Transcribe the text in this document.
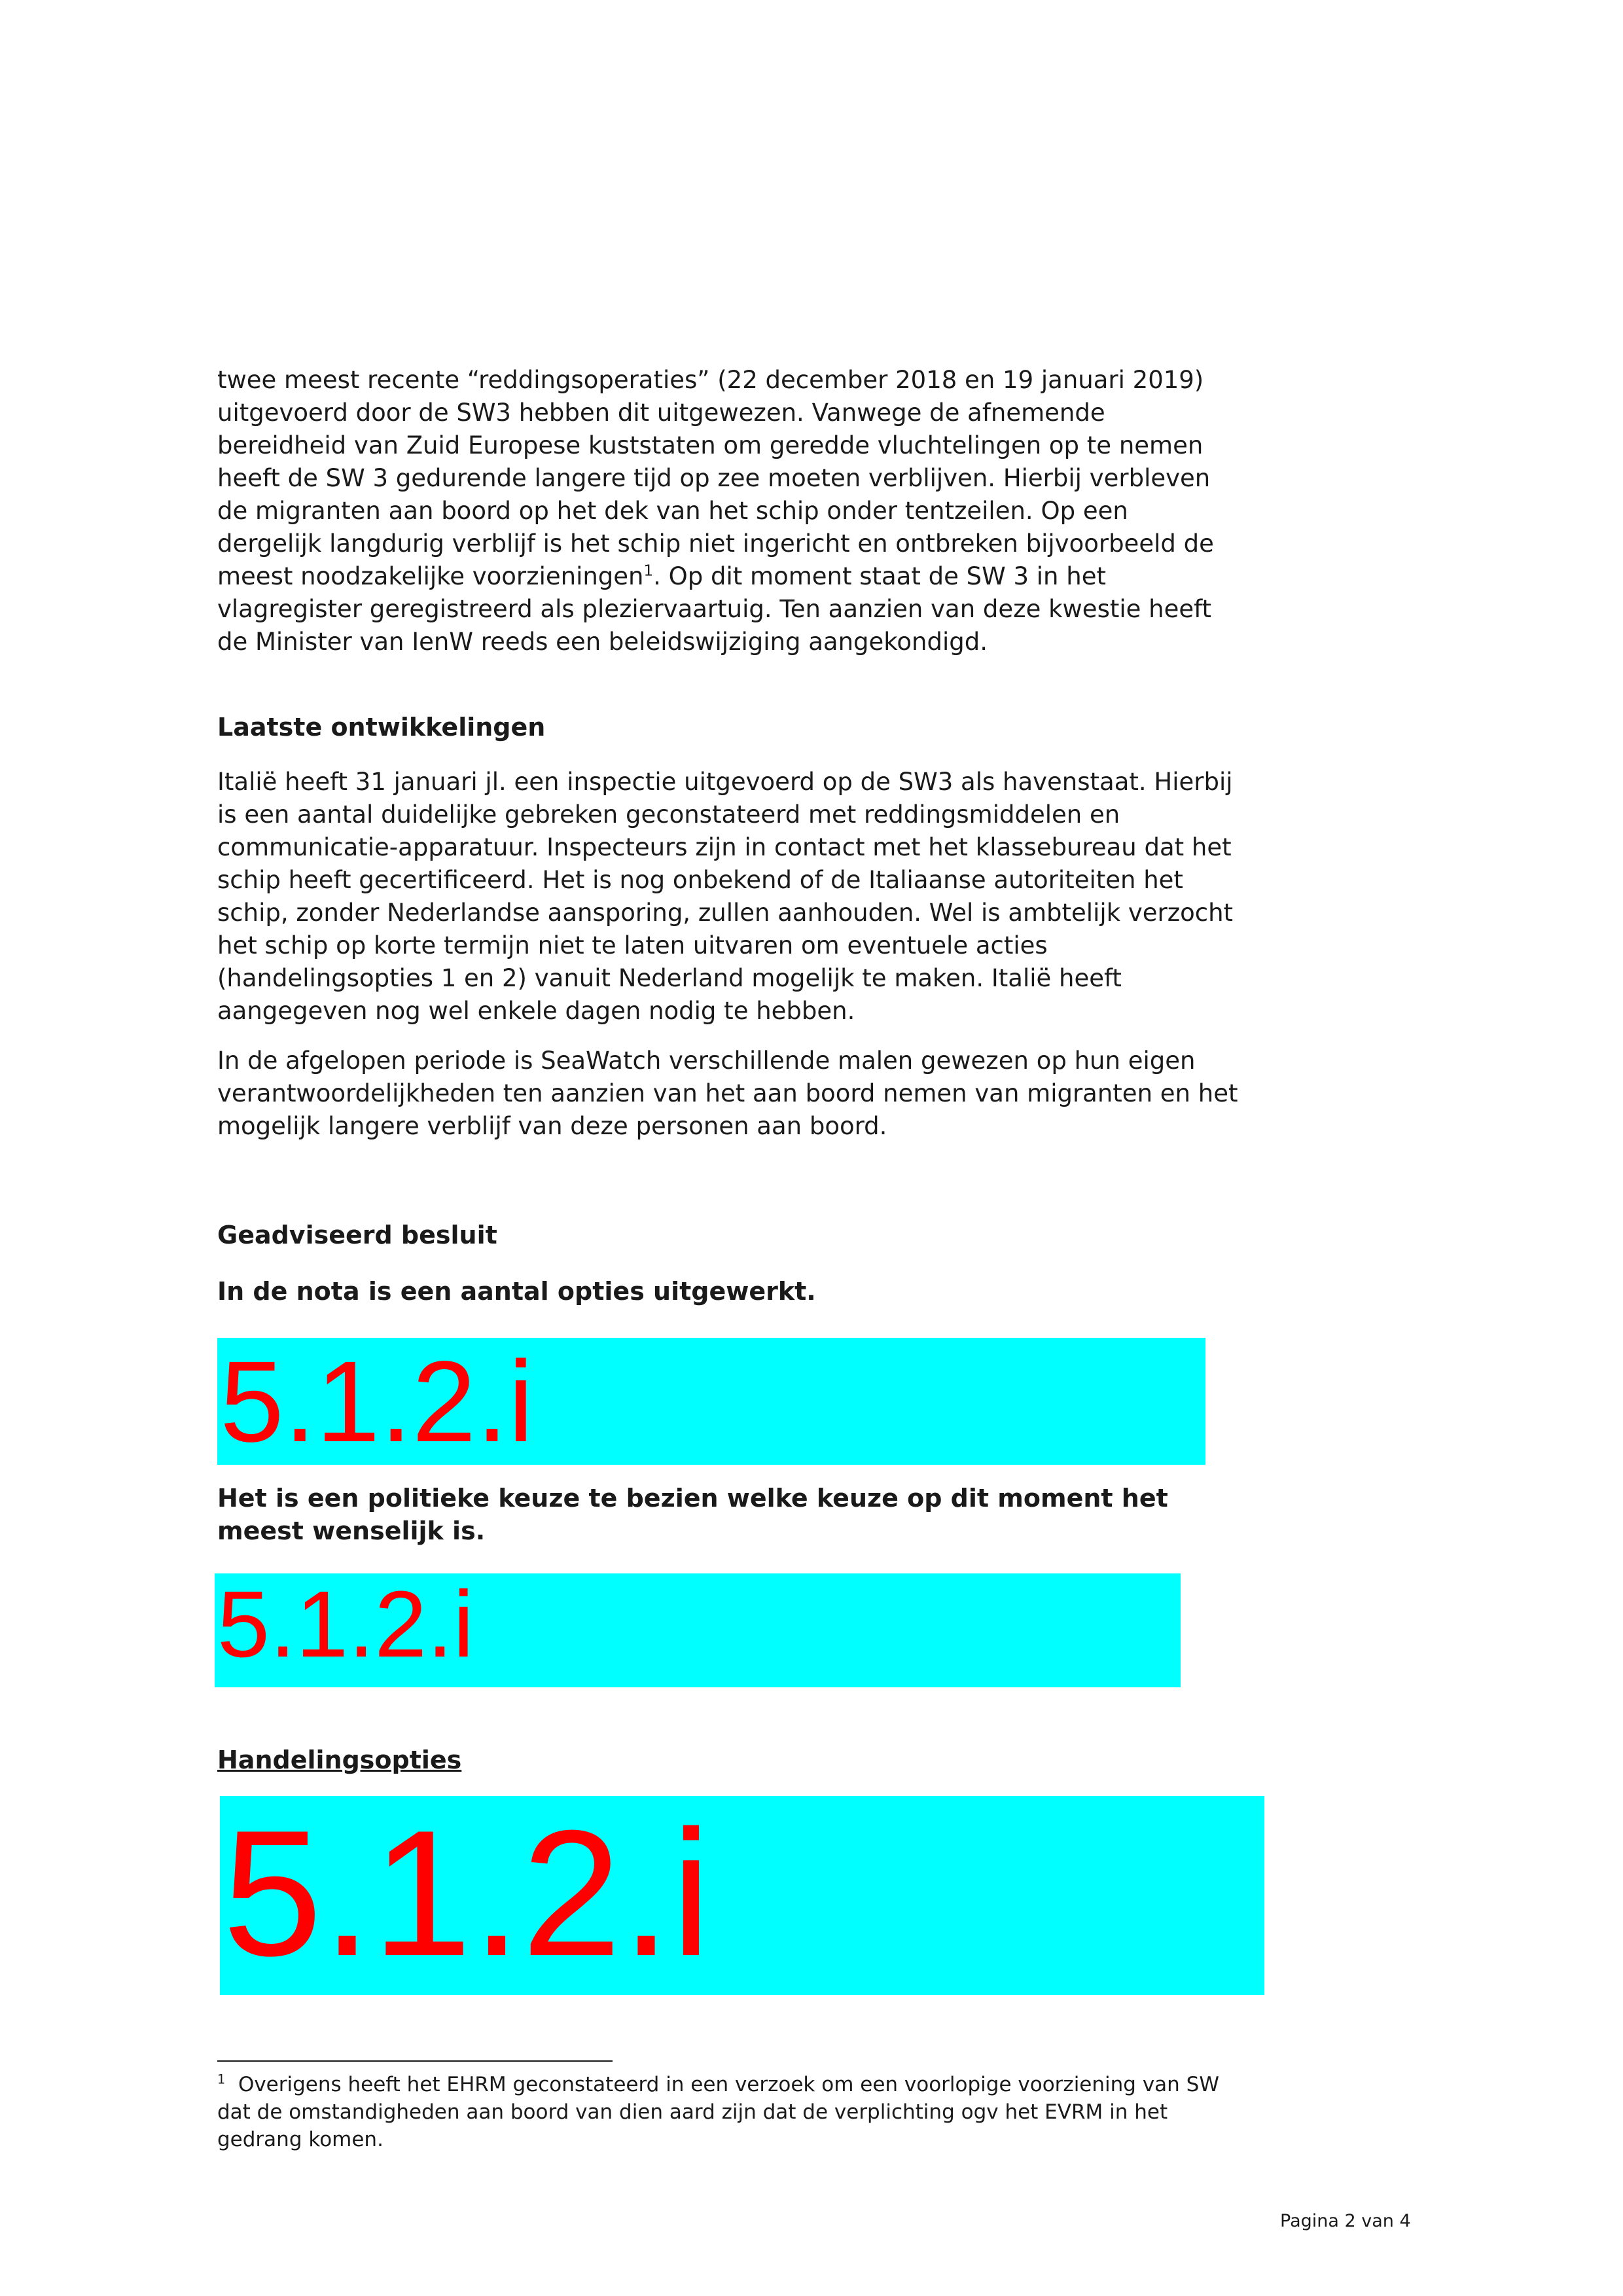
twee meest recente “reddingsoperaties” (22 december 2018 en 19 januari 2019) uitgevoerd door de SW3 hebben dit uitgewezen. Vanwege de afnemende bereidheid van Zuid Europese kuststaten om geredde vluchtelingen op te nemen heeft de SW 3 gedurende langere tijd op zee moeten verblijven. Hierbij verbleven de migranten aan boord op het dek van het schip onder tentzeilen. Op een dergelijk langdurig verblijf is het schip niet ingericht en ontbreken bijvoorbeeld de meest noodzakelijke voorzieningen$^1$. Op dit moment staat de SW 3 in het vlagregister geregistreerd als pleziervaartuig. Ten aanzien van deze kwestie heeft de Minister van IenW reeds een beleidswijziging aangekondigd.

Laatste ontwikkelingen

Italië heeft 31 januari jl. een inspectie uitgevoerd op de SW3 als havenstaat. Hierbij is een aantal duidelijke gebreken geconstateerd met reddingsmiddelen en communicatie-apparatuur. Inspecteurs zijn in contact met het klassebureau dat het schip heeft gecertificeerd. Het is nog onbekend of de Italiaanse autoriteiten het schip, zonder Nederlandse aansporing, zullen aanhouden. Wel is ambtelijk verzocht het schip op korte termijn niet te laten uitvaren om eventuele acties (handelingsopties 1 en 2) vanuit Nederland mogelijk te maken. Italië heeft aangegeven nog wel enkele dagen nodig te hebben.

In de afgelopen periode is SeaWatch verschillende malen gewezen op hun eigen verantwoordelijkheden ten aanzien van het aan boord nemen van migranten en het mogelijk langere verblijf van deze personen aan boord.

Geadviseerd besluit

In de nota is een aantal opties uitgewerkt.

5.1.2.i

Het is een politieke keuze te bezien welke keuze op dit moment het meest wenselijk is.

5.1.2.i
Handelingsopties
5.1.2.i

$^1$ Overigens heeft het EHRM geconstateerd in een verzoek om een voorlopige voorziening van SW dat de omstandigheden aan boord van dien aard zijn dat de verplichting ogv het EVRM in het gedrang komen.

Pagina 2 van 4
